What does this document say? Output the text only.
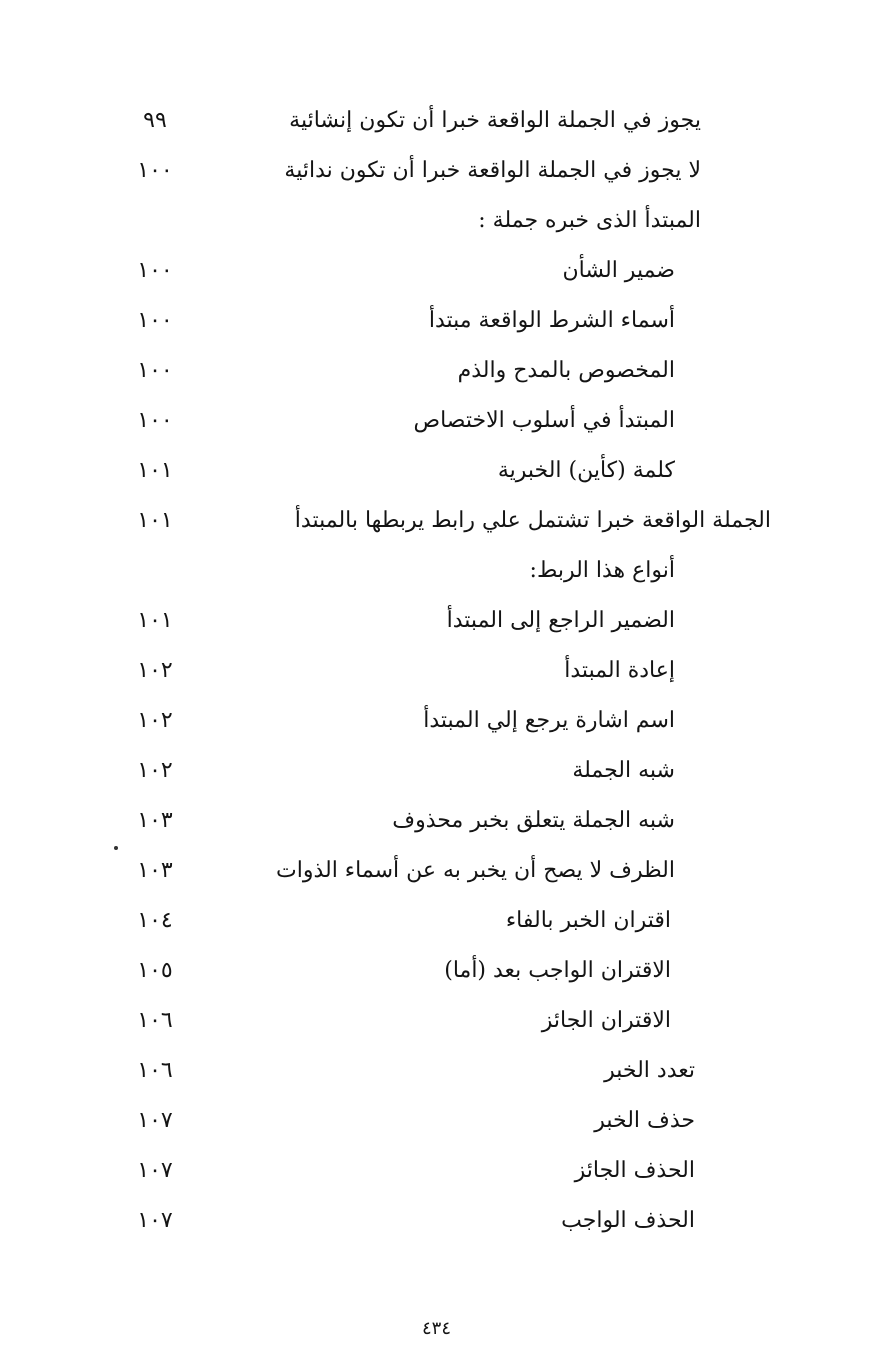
يجوز في الجملة الواقعة خبرا أن تكون إنشائية
٩٩
لا يجوز في الجملة الواقعة خبرا أن تكون ندائية
١٠٠
المبتدأ الذى خبره جملة :
ضمير الشأن
١٠٠
أسماء الشرط الواقعة مبتدأ
١٠٠
المخصوص بالمدح والذم
١٠٠
المبتدأ في أسلوب الاختصاص
١٠٠
كلمة (كأين) الخبرية
١٠١
الجملة الواقعة خبرا تشتمل علي رابط يربطها بالمبتدأ
١٠١
أنواع هذا الربط:
الضمير الراجع إلى المبتدأ
١٠١
إعادة المبتدأ
١٠٢
اسم اشارة يرجع إلي المبتدأ
١٠٢
شبه الجملة
١٠٢
شبه الجملة يتعلق بخبر محذوف
١٠٣
الظرف لا يصح أن يخبر به عن أسماء الذوات
١٠٣
اقتران الخبر بالفاء
١٠٤
الاقتران الواجب بعد (أما)
١٠٥
الاقتران الجائز
١٠٦
تعدد الخبر
١٠٦
حذف الخبر
١٠٧
الحذف الجائز
١٠٧
الحذف الواجب
١٠٧
٤٣٤
